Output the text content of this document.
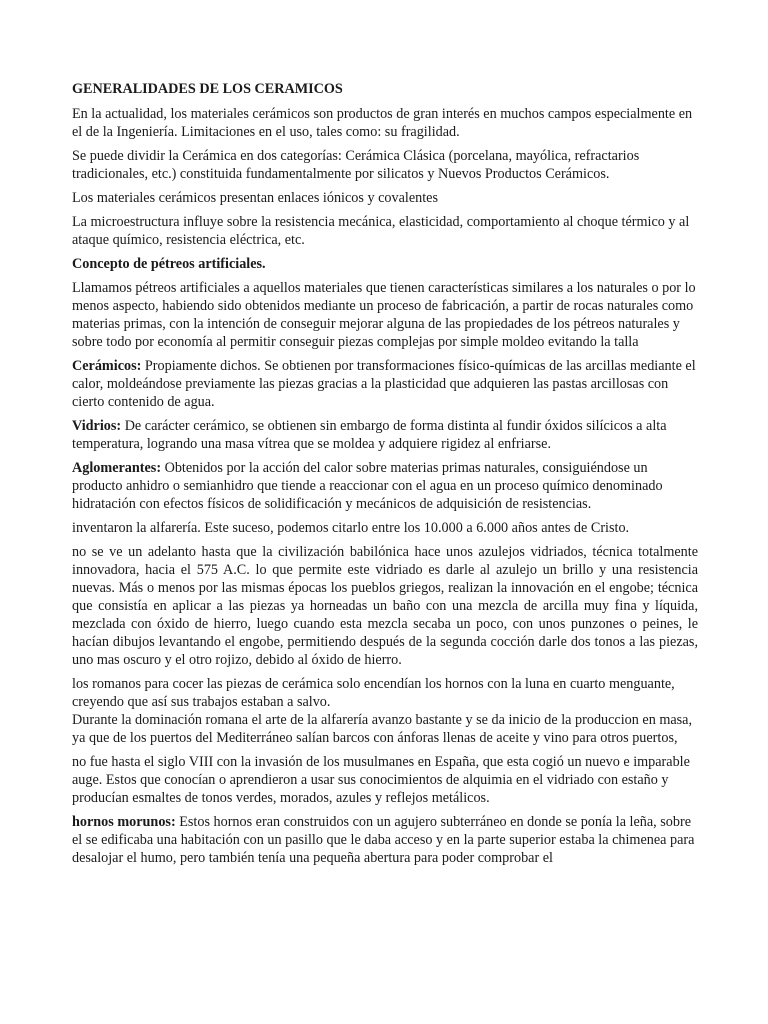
GENERALIDADES DE LOS CERAMICOS

En la actualidad, los materiales cerámicos son productos de gran interés en muchos campos especialmente en el de la Ingeniería. Limitaciones en el uso, tales como: su fragilidad.

Se puede dividir la Cerámica en dos categorías: Cerámica Clásica (porcelana, mayólica, refractarios tradicionales, etc.) constituida fundamentalmente por silicatos y Nuevos Productos Cerámicos.

Los materiales cerámicos presentan enlaces iónicos y covalentes

La microestructura influye sobre la resistencia mecánica, elasticidad, comportamiento al choque térmico y al ataque químico, resistencia eléctrica, etc.

Concepto de pétreos artificiales.

Llamamos pétreos artificiales a aquellos materiales que tienen características similares a los naturales o por lo menos aspecto, habiendo sido obtenidos mediante un proceso de fabricación, a partir de rocas naturales como materias primas, con la intención de conseguir mejorar alguna de las propiedades de los pétreos naturales y sobre todo por economía al permitir conseguir piezas complejas por simple moldeo evitando la talla

Cerámicos: Propiamente dichos. Se obtienen por transformaciones físico-químicas de las arcillas mediante el calor, moldeándose previamente las piezas gracias a la plasticidad que adquieren las pastas arcillosas con cierto contenido de agua.

Vidrios: De carácter cerámico, se obtienen sin embargo de forma distinta al fundir óxidos silícicos a alta temperatura, logrando una masa vítrea que se moldea y adquiere rigidez al enfriarse.

Aglomerantes: Obtenidos por la acción del calor sobre materias primas naturales, consiguiéndose un producto anhidro o semianhidro que tiende a reaccionar con el agua en un proceso químico denominado hidratación con efectos físicos de solidificación y mecánicos de adquisición de resistencias.

inventaron la alfarería. Este suceso, podemos citarlo entre los 10.000 a 6.000 años antes de Cristo.

no se ve un adelanto hasta que la civilización babilónica hace unos azulejos vidriados, técnica totalmente innovadora, hacia el 575 A.C. lo que permite este vidriado es darle al azulejo un brillo y una resistencia nuevas. Más o menos por las mismas épocas los pueblos griegos, realizan la innovación en el engobe; técnica que consistía en aplicar a las piezas ya horneadas un baño con una mezcla de arcilla muy fina y líquida, mezclada con óxido de hierro, luego cuando esta mezcla secaba un poco, con unos punzones o peines, le hacían dibujos levantando el engobe, permitiendo después de la segunda cocción darle dos tonos a las piezas, uno mas oscuro y el otro rojizo, debido al óxido de hierro.

los romanos para cocer las piezas de cerámica solo encendían los hornos con la luna en cuarto menguante, creyendo que así sus trabajos estaban a salvo.

Durante la dominación romana el arte de la alfarería avanzo bastante y se da inicio de la produccion en masa, ya que de los puertos del Mediterráneo salían barcos con ánforas llenas de aceite y vino para otros puertos,

no fue hasta el siglo VIII con la invasión de los musulmanes en España, que esta cogió un nuevo e imparable auge. Estos que conocían o aprendieron a usar sus conocimientos de alquimia en el vidriado con estaño y producían esmaltes de tonos verdes, morados, azules y reflejos metálicos.

hornos morunos: Estos hornos eran construidos con un agujero subterráneo en donde se ponía la leña, sobre el se edificaba una habitación con un pasillo que le daba acceso y en la parte superior estaba la chimenea para desalojar el humo, pero también tenía una pequeña abertura para poder comprobar el
